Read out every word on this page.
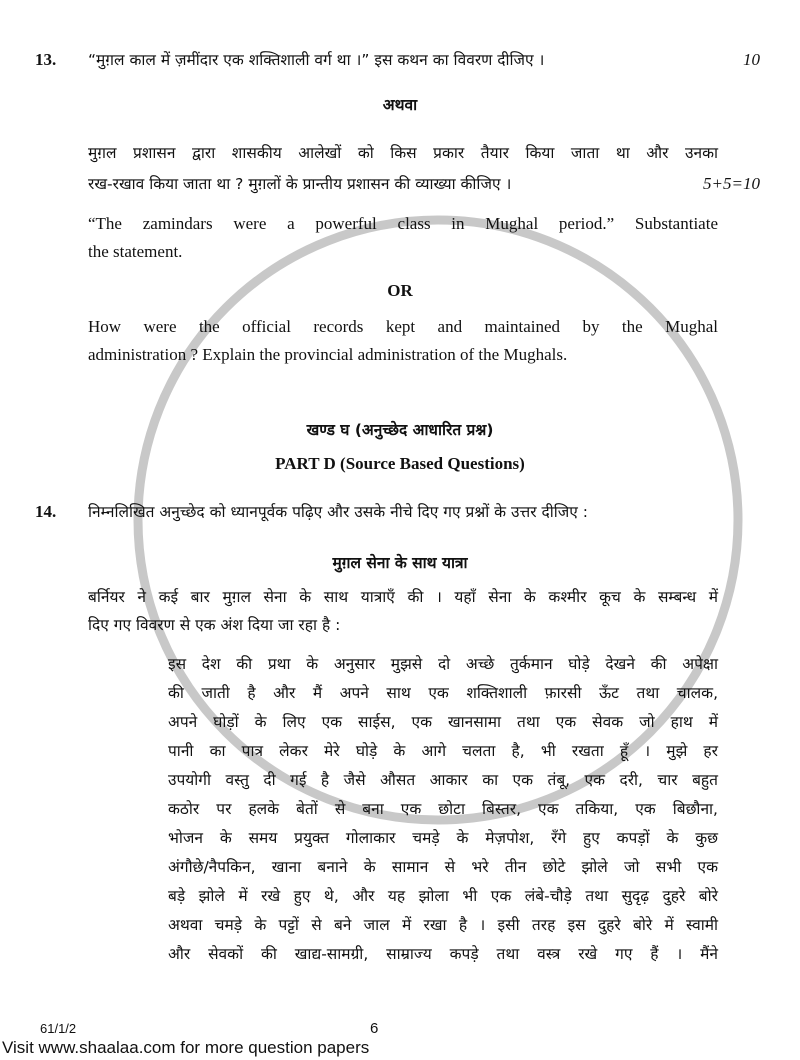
13. “मुग़ल काल में ज़मींदार एक शक्तिशाली वर्ग था ।” इस कथन का विवरण दीजिए ।	10
अथवा
मुग़ल प्रशासन द्वारा शासकीय आलेखों को किस प्रकार तैयार किया जाता था और उनका
रख-रखाव किया जाता था ? मुग़लों के प्रान्तीय प्रशासन की व्याख्या कीजिए ।	5+5=10
“The zamindars were a powerful class in Mughal period.” Substantiate
the statement.
OR
How were the official records kept and maintained by the Mughal
administration ? Explain the provincial administration of the Mughals.
खण्ड घ (अनुच्छेद आधारित प्रश्न)
PART D (Source Based Questions)
14. निम्नलिखित अनुच्छेद को ध्यानपूर्वक पढ़िए और उसके नीचे दिए गए प्रश्नों के उत्तर दीजिए :
मुग़ल सेना के साथ यात्रा
बर्नियर ने कई बार मुग़ल सेना के साथ यात्राएँ की । यहाँ सेना के कश्मीर कूच के सम्बन्ध में
दिए गए विवरण से एक अंश दिया जा रहा है :
इस देश की प्रथा के अनुसार मुझसे दो अच्छे तुर्कमान घोड़े देखने की अपेक्षा
की जाती है और मैं अपने साथ एक शक्तिशाली फ़ारसी ऊँट तथा चालक,
अपने घोड़ों के लिए एक साईस, एक खानसामा तथा एक सेवक जो हाथ में
पानी का पात्र लेकर मेरे घोड़े के आगे चलता है, भी रखता हूँ । मुझे हर
उपयोगी वस्तु दी गई है जैसे औसत आकार का एक तंबू, एक दरी, चार बहुत
कठोर पर हलके बेतों से बना एक छोटा बिस्तर, एक तकिया, एक बिछौना,
भोजन के समय प्रयुक्त गोलाकार चमड़े के मेज़पोश, रँगे हुए कपड़ों के कुछ
अंगौछे/नैपकिन, खाना बनाने के सामान से भरे तीन छोटे झोले जो सभी एक
बड़े झोले में रखे हुए थे, और यह झोला भी एक लंबे-चौड़े तथा सुदृढ़ दुहरे बोरे
अथवा चमड़े के पट्टों से बने जाल में रखा है । इसी तरह इस दुहरे बोरे में स्वामी
और सेवकों की खाद्य-सामग्री, साम्राज्य कपड़े तथा वस्त्र रखे गए हैं । मैंने
61/1/2	6
Visit www.shaalaa.com for more question papers
